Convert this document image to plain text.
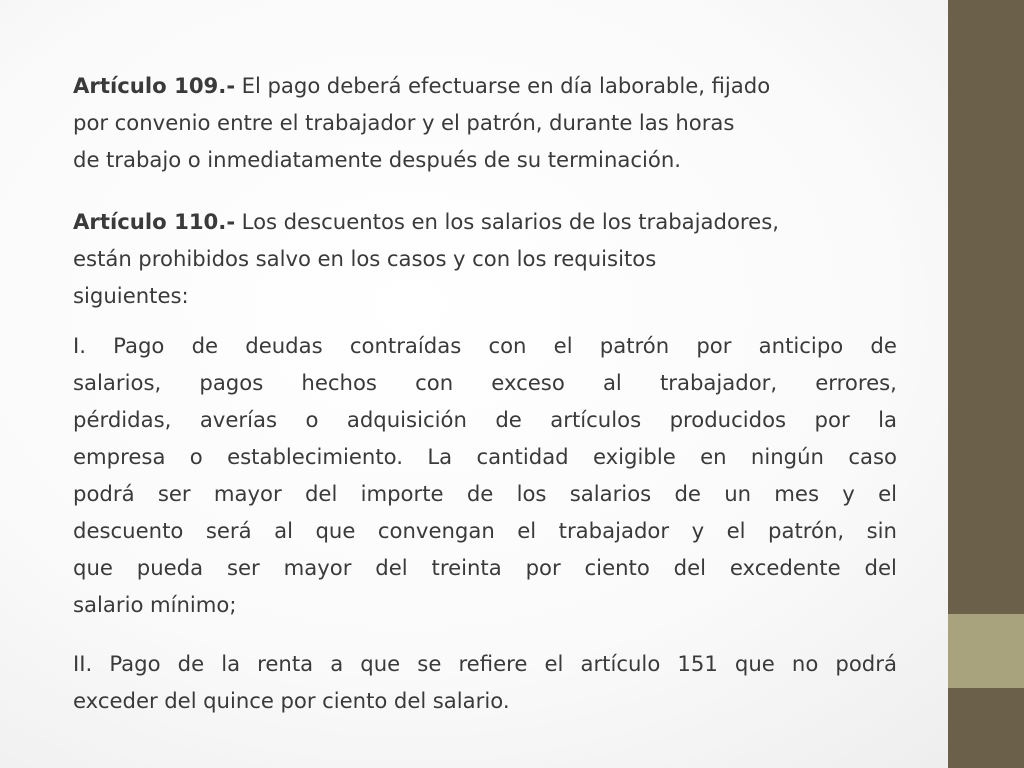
Artículo 109.- El pago deberá efectuarse en día laborable, fijado
por convenio entre el trabajador y el patrón, durante las horas
de trabajo o inmediatamente después de su terminación.
Artículo 110.- Los descuentos en los salarios de los trabajadores,
están prohibidos salvo en los casos y con los requisitos
siguientes:
I. Pago de deudas contraídas con el patrón por anticipo de
salarios, pagos hechos con exceso al trabajador, errores,
pérdidas, averías o adquisición de artículos producidos por la
empresa o establecimiento. La cantidad exigible en ningún caso
podrá ser mayor del importe de los salarios de un mes y el
descuento será al que convengan el trabajador y el patrón, sin
que pueda ser mayor del treinta por ciento del excedente del
salario mínimo;
II. Pago de la renta a que se refiere el artículo 151 que no podrá
exceder del quince por ciento del salario.
